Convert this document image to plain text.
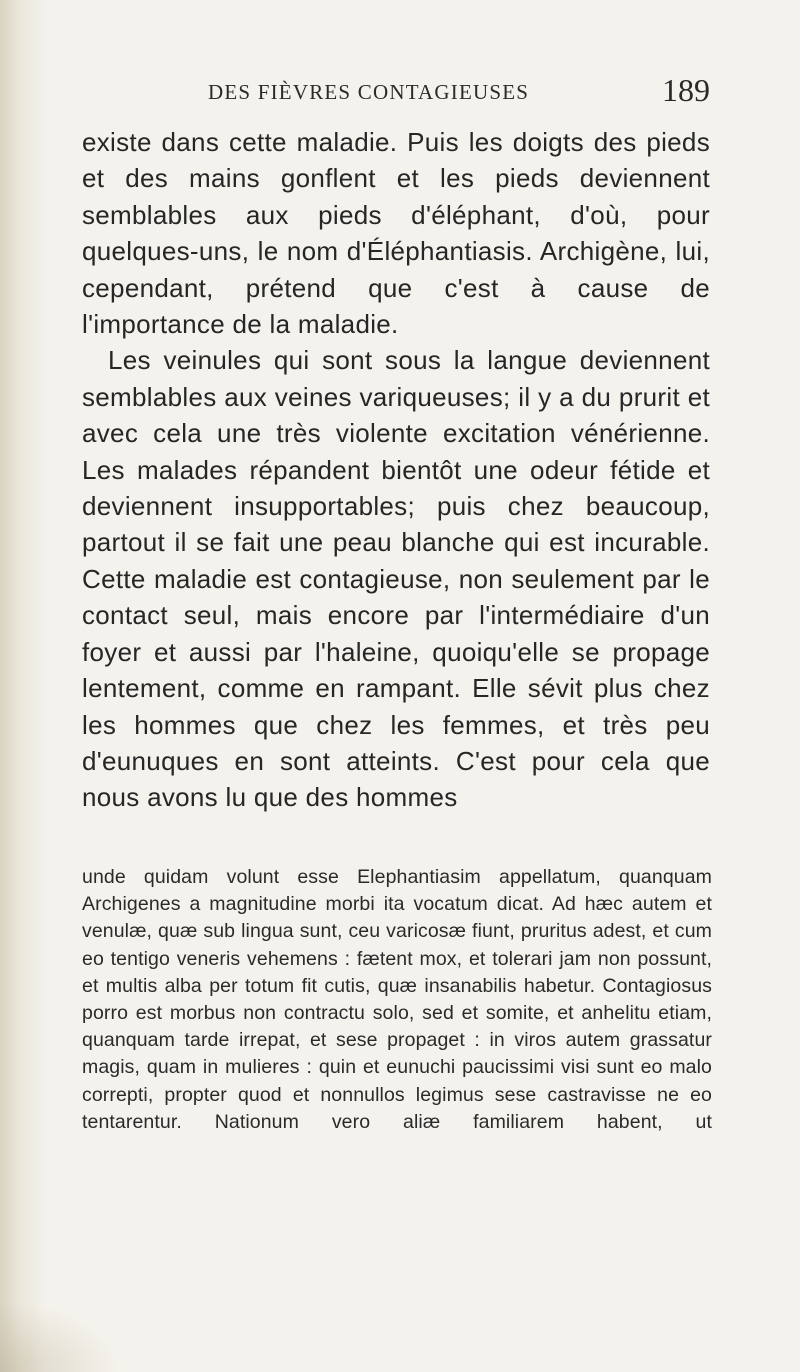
DES FIÈVRES CONTAGIEUSES	189

existe dans cette maladie. Puis les doigts des pieds et des mains gonflent et les pieds deviennent semblables aux pieds d'éléphant, d'où, pour quelques-uns, le nom d'Éléphantiasis. Archigène, lui, cependant, prétend que c'est à cause de l'importance de la maladie.

Les veinules qui sont sous la langue deviennent semblables aux veines variqueuses; il y a du prurit et avec cela une très violente excitation vénérienne. Les malades répandent bientôt une odeur fétide et deviennent insupportables; puis chez beaucoup, partout il se fait une peau blanche qui est incurable. Cette maladie est contagieuse, non seulement par le contact seul, mais encore par l'intermédiaire d'un foyer et aussi par l'haleine, quoiqu'elle se propage lentement, comme en rampant. Elle sévit plus chez les hommes que chez les femmes, et très peu d'eunuques en sont atteints. C'est pour cela que nous avons lu que des hommes

unde quidam volunt esse Elephantiasim appellatum, quanquam Archigenes a magnitudine morbi ita vocatum dicat. Ad hæc autem et venulæ, quæ sub lingua sunt, ceu varicosæ fiunt, pruritus adest, et cum eo tentigo veneris vehemens : fætent mox, et tolerari jam non possunt, et multis alba per totum fit cutis, quæ insanabilis habetur. Contagiosus porro est morbus non contractu solo, sed et somite, et anhelitu etiam, quanquam tarde irrepat, et sese propaget : in viros autem grassatur magis, quam in mulieres : quin et eunuchi paucissimi visi sunt eo malo correpti, propter quod et nonnullos legimus sese castravisse ne eo tentarentur. Nationum vero aliæ familiarem habent, ut
